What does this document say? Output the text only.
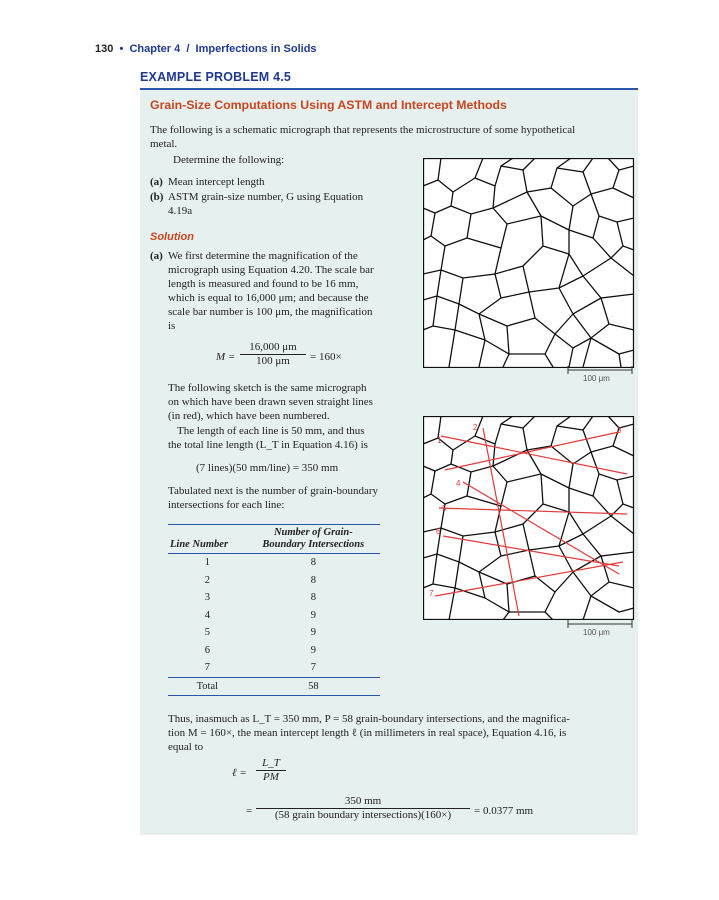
130 • Chapter 4 / Imperfections in Solids
EXAMPLE PROBLEM 4.5
Grain-Size Computations Using ASTM and Intercept Methods
The following is a schematic micrograph that represents the microstructure of some hypothetical
metal.
Determine the following:
(a) Mean intercept length
(b) ASTM grain-size number, G using Equation
4.19a
Solution
(a) We first determine the magnification of the
micrograph using Equation 4.20. The scale bar
length is measured and found to be 16 mm,
which is equal to 16,000 μm; and because the
scale bar number is 100 μm, the magnification
is
$M = \frac{16,000 \mu m}{100 \mu m} = 160\times$
The following sketch is the same micrograph
on which have been drawn seven straight lines
(in red), which have been numbered.
The length of each line is 50 mm, and thus
the total line length (L_T in Equation 4.16) is
(7 lines)(50 mm/line) = 350 mm
Tabulated next is the number of grain-boundary
intersections for each line:
Line Number	Number of Grain-
Boundary Intersections

1	8
2	8
3	8
4	9
5	9
6	9
7	7
Total	58
100 μm
1
2	3
4
5
6
7
100 μm
Thus, inasmuch as L_T = 350 mm, P = 58 grain-boundary intersections, and the magnifica-
tion M = 160×, the mean intercept length ℓ (in millimeters in real space), Equation 4.16, is
equal to
ℓ = $\frac{L\_T}{PM}$
=
350 mm
(58 grain boundary intersections)(160×)	= 0.0377 mm
